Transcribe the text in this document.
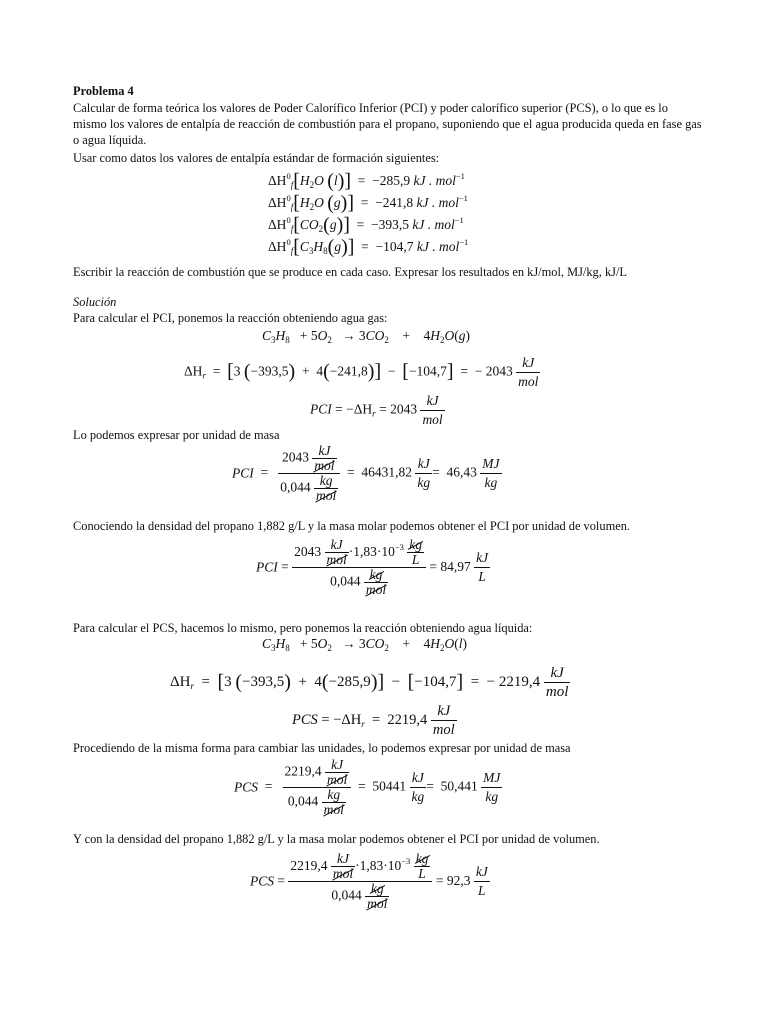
Problema 4
Calcular de forma teórica los valores de Poder Calorífico Inferior (PCI) y poder calorífico superior (PCS), o lo que es lo mismo los valores de entalpía de reacción de combustión para el propano, suponiendo que el agua producida queda en fase gas o agua líquida.
Usar como datos los valores de entalpía estándar de formación siguientes:
$\Delta H^0_f[H_2O$ (l)]  =  −285,9 kJ . mol$^{-1}$
$\Delta H^0_f[H_2O$ (g)]  =  −241,8 kJ . mol$^{-1}$
$\Delta H^0_f[CO_2(g)] = -393,5$ kJ . mol$^{-1}$
$\Delta H^0_f[C_3H_8(g)] = -104,7$ kJ . mol$^{-1}$
Escribir la reacción de combustión que se produce en cada caso. Expresar los resultados en kJ/mol, MJ/kg, kJ/L
Solución
Para calcular el PCI, ponemos la reacción obteniendo agua gas:
$C_3H_8 + 5O_2 \to 3CO_2$    +    $4H_2O(g)$
$\Delta H_r = [3$ (−393,5)  +  4(−241,8)]  −  [−104,7]  =  − 2043
kJ
mol
PCI = $-\Delta H_r = 2043$
kJ
mol
Lo podemos expresar por unidad de masa
PCI  =
2043 kJ
mol
0,044 kg
mol
=  $46431,82 \frac{kJ}{kg} = 46,43 \frac{MJ}{kg}$
Conociendo la densidad del propano 1,882 g/L y la masa molar podemos obtener el PCI por unidad de volumen.
PCI =
2043 kJ
mol
$\cdot 1,83\cdot 10^{-3} \frac{kg}{L}$
0,044 kg
mol
= $84,97 \frac{kJ}{L}$
Para calcular el PCS, hacemos lo mismo, pero ponemos la reacción obteniendo agua líquida:
$C_3H_8 + 5O_2 \to 3CO_2$    +    $4H_2O(l)$
$\Delta H_r = [3$ (−393,5)  +  4(−285,9)]  −  [−104,7]  =  − 2219,4
kJ
mol
PCS = $-\Delta H_r = 2219,4$
kJ
mol
Procediendo de la misma forma para cambiar las unidades, lo podemos expresar por unidad de masa
PCS  =
2219,4 kJ
mol
0,044 kg
mol
=  $50441 \frac{kJ}{kg} = 50,441 \frac{MJ}{kg}$
Y con la densidad del propano 1,882 g/L y la masa molar podemos obtener el PCI por unidad de volumen.
PCS =
2219,4 kJ
mol
$\cdot 1,83\cdot 10^{-3} \frac{kg}{L}$
0,044 kg
mol
= $92,3 \frac{kJ}{L}$
